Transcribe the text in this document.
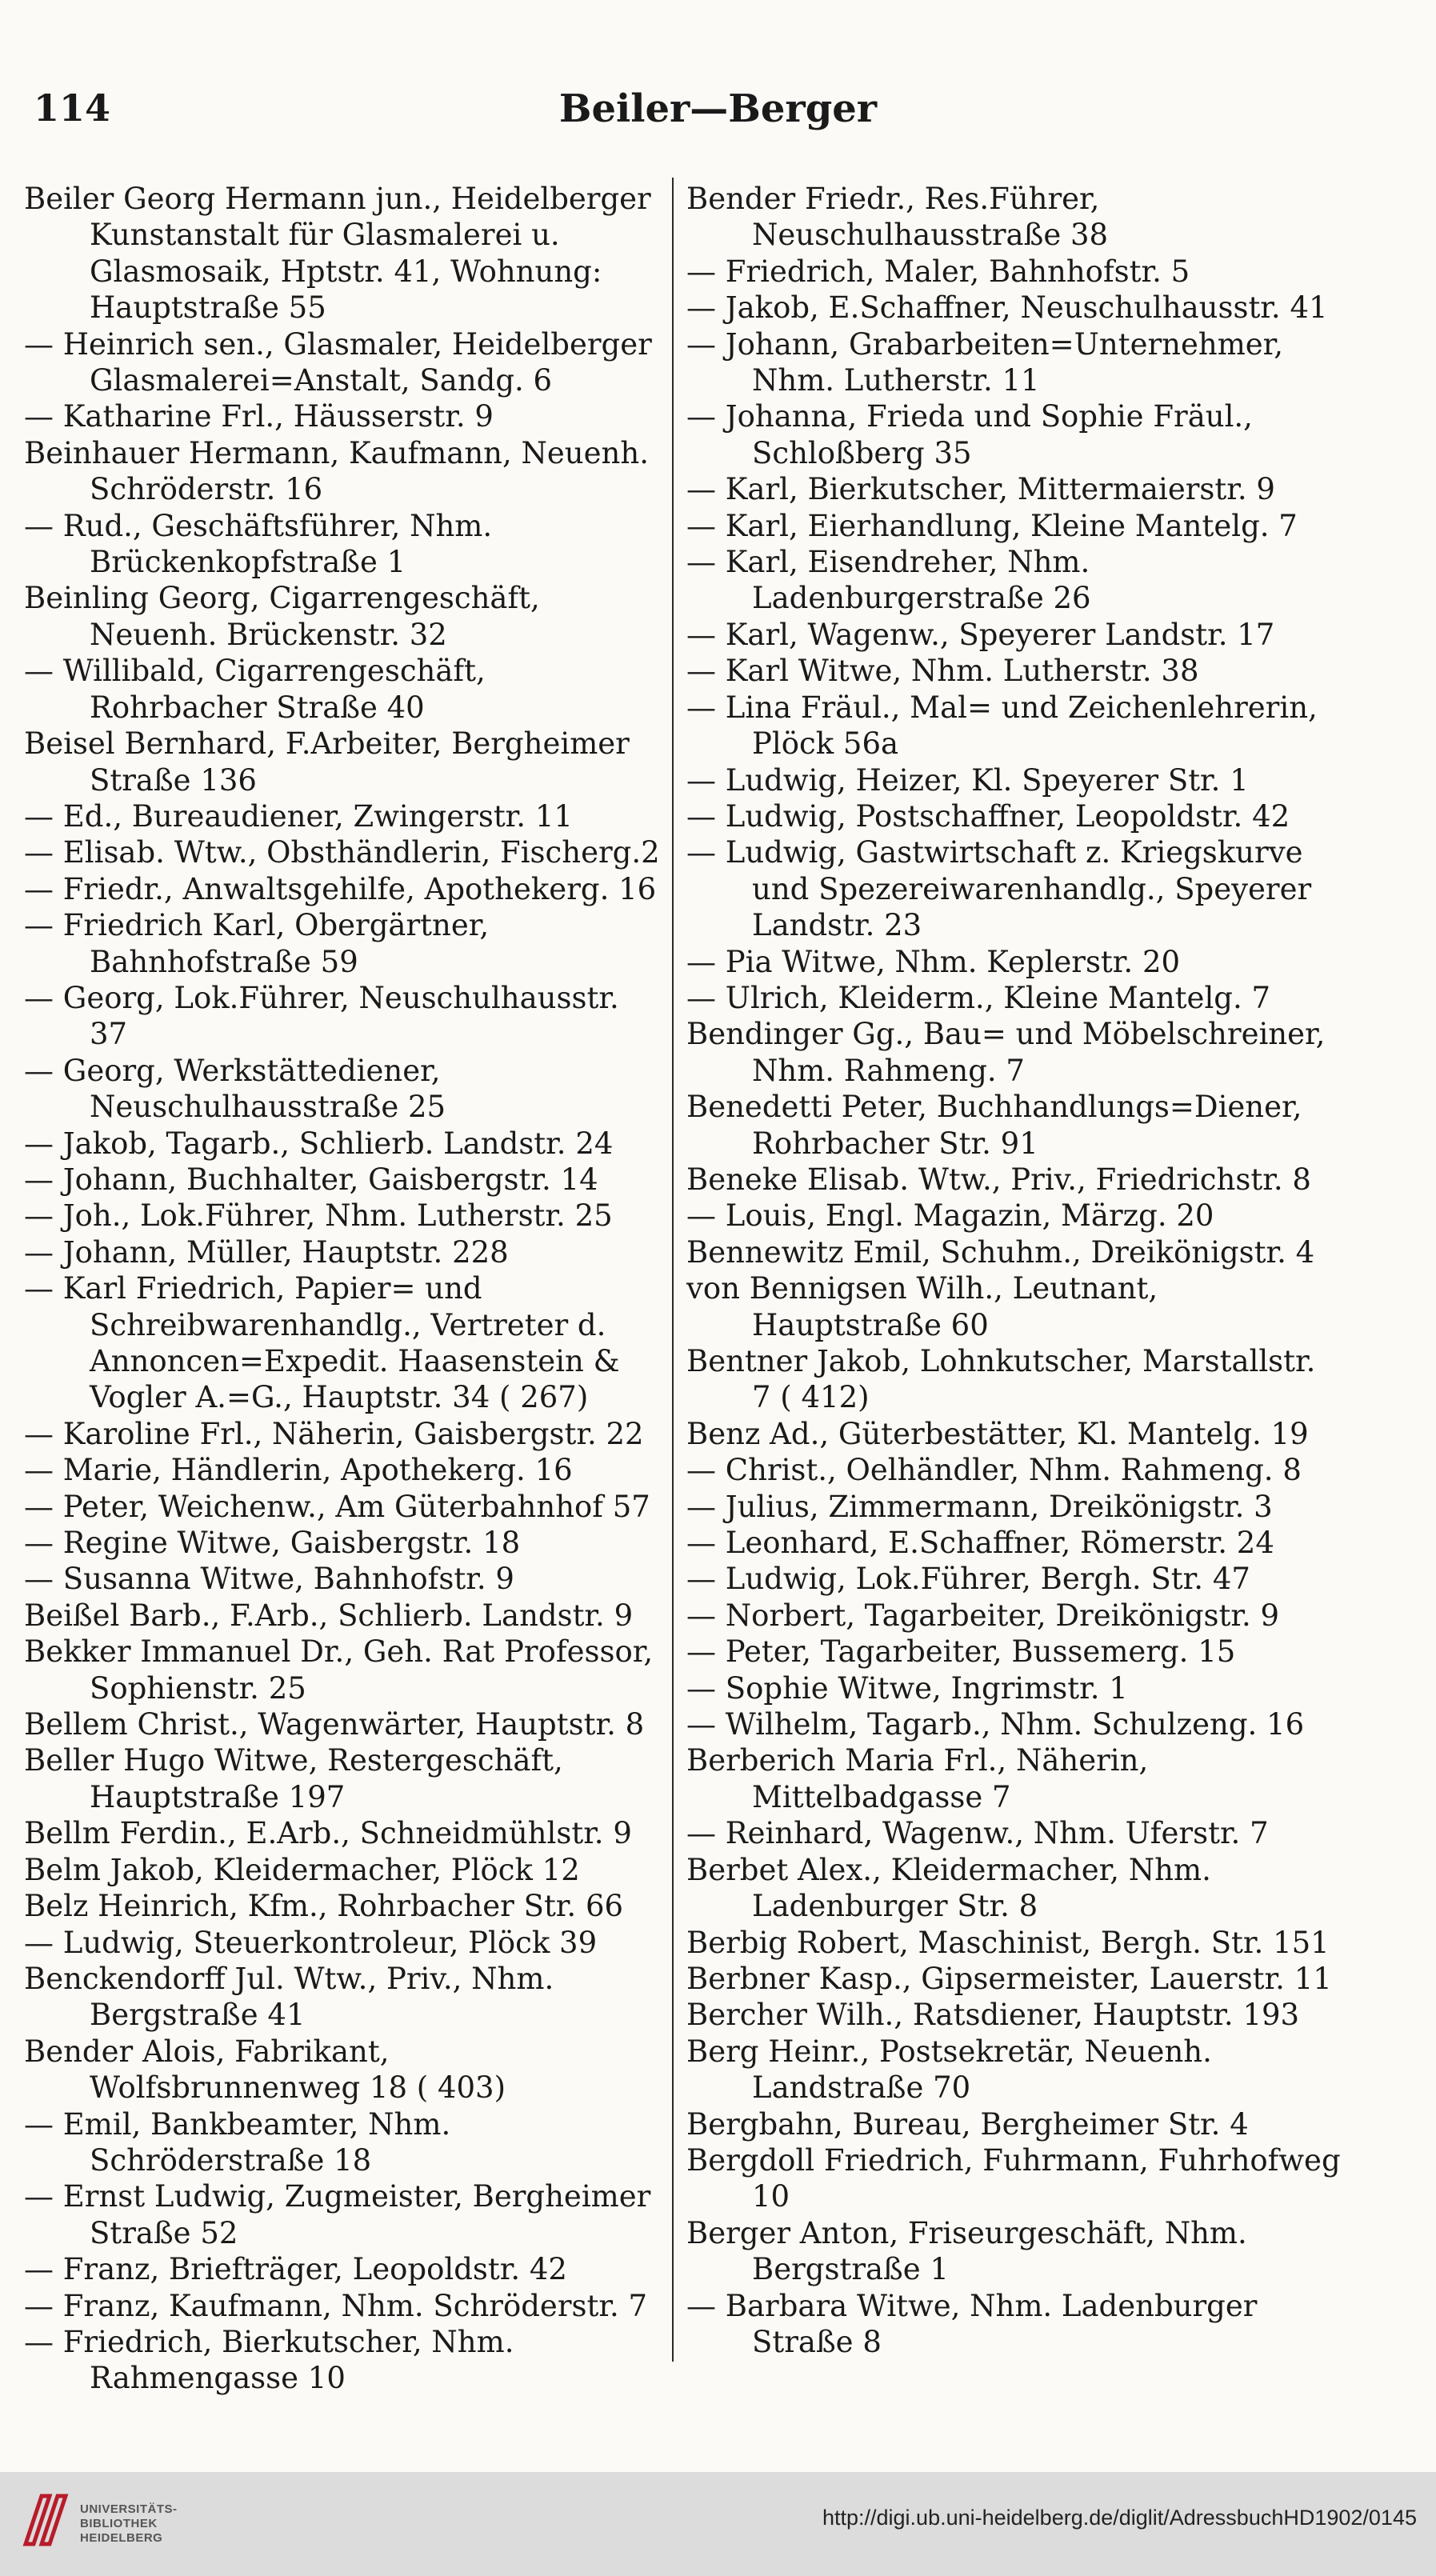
114	Beiler—Berger

Beiler Georg Hermann jun., Heidelberger Kunstanstalt für Glasmalerei u. Glasmosaik, Hptstr. 41, Wohnung: Hauptstraße 55

— Heinrich sen., Glasmaler, Heidelberger Glasmalerei=Anstalt, Sandg. 6

— Katharine Frl., Häusserstr. 9

Beinhauer Hermann, Kaufmann, Neuenh. Schröderstr. 16

— Rud., Geschäftsführer, Nhm. Brückenkopfstraße 1

Beinling Georg, Cigarrengeschäft, Neuenh. Brückenstr. 32

— Willibald, Cigarrengeschäft, Rohrbacher Straße 40

Beisel Bernhard, F.Arbeiter, Bergheimer Straße 136

— Ed., Bureaudiener, Zwingerstr. 11

— Elisab. Wtw., Obsthändlerin, Fischerg.2

— Friedr., Anwaltsgehilfe, Apothekerg. 16

— Friedrich Karl, Obergärtner, Bahnhofstraße 59

— Georg, Lok.Führer, Neuschulhausstr. 37

— Georg, Werkstättediener, Neuschulhausstraße 25

— Jakob, Tagarb., Schlierb. Landstr. 24

— Johann, Buchhalter, Gaisbergstr. 14

— Joh., Lok.Führer, Nhm. Lutherstr. 25

— Johann, Müller, Hauptstr. 228

— Karl Friedrich, Papier= und Schreibwarenhandlg., Vertreter d. Annoncen=Expedit. Haasenstein & Vogler A.=G., Hauptstr. 34 ( 267)

— Karoline Frl., Näherin, Gaisbergstr. 22

— Marie, Händlerin, Apothekerg. 16

— Peter, Weichenw., Am Güterbahnhof 57

— Regine Witwe, Gaisbergstr. 18

— Susanna Witwe, Bahnhofstr. 9

Beißel Barb., F.Arb., Schlierb. Landstr. 9

Bekker Immanuel Dr., Geh. Rat Professor, Sophienstr. 25

Bellem Christ., Wagenwärter, Hauptstr. 8

Beller Hugo Witwe, Restergeschäft, Hauptstraße 197

Bellm Ferdin., E.Arb., Schneidmühlstr. 9

Belm Jakob, Kleidermacher, Plöck 12

Belz Heinrich, Kfm., Rohrbacher Str. 66

— Ludwig, Steuerkontroleur, Plöck 39

Benckendorff Jul. Wtw., Priv., Nhm. Bergstraße 41

Bender Alois, Fabrikant, Wolfsbrunnenweg 18 ( 403)

— Emil, Bankbeamter, Nhm. Schröderstraße 18

— Ernst Ludwig, Zugmeister, Bergheimer Straße 52

— Franz, Briefträger, Leopoldstr. 42

— Franz, Kaufmann, Nhm. Schröderstr. 7

— Friedrich, Bierkutscher, Nhm. Rahmengasse 10

Bender Friedr., Res.Führer, Neuschulhausstraße 38

— Friedrich, Maler, Bahnhofstr. 5

— Jakob, E.Schaffner, Neuschulhausstr. 41

— Johann, Grabarbeiten=Unternehmer, Nhm. Lutherstr. 11

— Johanna, Frieda und Sophie Fräul., Schloßberg 35

— Karl, Bierkutscher, Mittermaierstr. 9

— Karl, Eierhandlung, Kleine Mantelg. 7

— Karl, Eisendreher, Nhm. Ladenburgerstraße 26

— Karl, Wagenw., Speyerer Landstr. 17

— Karl Witwe, Nhm. Lutherstr. 38

— Lina Fräul., Mal= und Zeichenlehrerin, Plöck 56a

— Ludwig, Heizer, Kl. Speyerer Str. 1

— Ludwig, Postschaffner, Leopoldstr. 42

— Ludwig, Gastwirtschaft z. Kriegskurve und Spezereiwarenhandlg., Speyerer Landstr. 23

— Pia Witwe, Nhm. Keplerstr. 20

— Ulrich, Kleiderm., Kleine Mantelg. 7

Bendinger Gg., Bau= und Möbelschreiner, Nhm. Rahmeng. 7

Benedetti Peter, Buchhandlungs=Diener, Rohrbacher Str. 91

Beneke Elisab. Wtw., Priv., Friedrichstr. 8

— Louis, Engl. Magazin, Märzg. 20

Bennewitz Emil, Schuhm., Dreikönigstr. 4

von Bennigsen Wilh., Leutnant, Hauptstraße 60

Bentner Jakob, Lohnkutscher, Marstallstr. 7 ( 412)

Benz Ad., Güterbestätter, Kl. Mantelg. 19

— Christ., Oelhändler, Nhm. Rahmeng. 8

— Julius, Zimmermann, Dreikönigstr. 3

— Leonhard, E.Schaffner, Römerstr. 24

— Ludwig, Lok.Führer, Bergh. Str. 47

— Norbert, Tagarbeiter, Dreikönigstr. 9

— Peter, Tagarbeiter, Bussemerg. 15

— Sophie Witwe, Ingrimstr. 1

— Wilhelm, Tagarb., Nhm. Schulzeng. 16

Berberich Maria Frl., Näherin, Mittelbadgasse 7

— Reinhard, Wagenw., Nhm. Uferstr. 7

Berbet Alex., Kleidermacher, Nhm. Ladenburger Str. 8

Berbig Robert, Maschinist, Bergh. Str. 151

Berbner Kasp., Gipsermeister, Lauerstr. 11

Bercher Wilh., Ratsdiener, Hauptstr. 193

Berg Heinr., Postsekretär, Neuenh. Landstraße 70

Bergbahn, Bureau, Bergheimer Str. 4

Bergdoll Friedrich, Fuhrmann, Fuhrhofweg 10

Berger Anton, Friseurgeschäft, Nhm. Bergstraße 1

— Barbara Witwe, Nhm. Ladenburger Straße 8

UNIVERSITÄTS-
BIBLIOTHEK
HEIDELBERG
http://digi.ub.uni-heidelberg.de/diglit/AdressbuchHD1902/0145
